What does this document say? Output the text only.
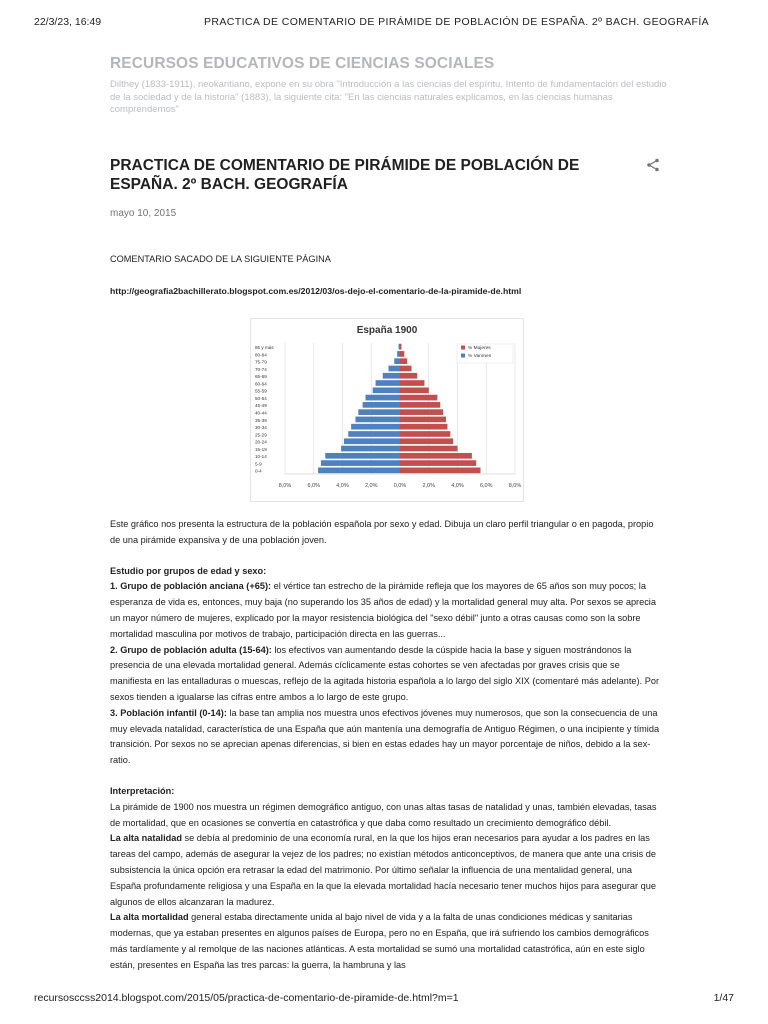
22/3/23, 16:49	PRACTICA DE COMENTARIO DE PIRÁMIDE DE POBLACIÓN DE ESPAÑA. 2º BACH. GEOGRAFÍA
RECURSOS EDUCATIVOS DE CIENCIAS SOCIALES
Dilthey (1833-1911), neokantiano, expone en su obra "Introducción a las ciencias del espíritu. Intento de fundamentación del estudio de la sociedad y de la historia" (1883), la siguiente cita: "En las ciencias naturales explicamos, en las ciencias humanas comprendemos"
PRACTICA DE COMENTARIO DE PIRÁMIDE DE POBLACIÓN DE ESPAÑA. 2º BACH. GEOGRAFÍA
mayo 10, 2015

COMENTARIO SACADO DE LA SIGUIENTE PÁGINA

http://geografia2bachillerato.blogspot.com.es/2012/03/os-dejo-el-comentario-de-la-piramide-de.html

España 1900
8,0%	6,0%	4,0%	2,0%	0,0%	2,0%	4,0%	6,0%	8,0%
0-4
5-9
10-14
15-19
20-24
25-29
30-34
35-39
40-44
45-49
50-54
55-59
60-64
65-69
70-74
75-79
80-84
85 y más	% Mujeres
% Varones

Este gráfico nos presenta la estructura de la población española por sexo y edad. Dibuja un claro perfil triangular o en pagoda, propio de una pirámide expansiva y de una población joven.

Estudio por grupos de edad y sexo:

1. Grupo de población anciana (+65): el vértice tan estrecho de la pirámide refleja que los mayores de 65 años son muy pocos; la esperanza de vida es, entonces, muy baja (no superando los 35 años de edad) y la mortalidad general muy alta. Por sexos se aprecia un mayor número de mujeres, explicado por la mayor resistencia biológica del "sexo débil" junto a otras causas como son la sobre mortalidad masculina por motivos de trabajo, participación directa en las guerras...

2. Grupo de población adulta (15-64): los efectivos van aumentando desde la cúspide hacia la base y siguen mostrándonos la presencia de una elevada mortalidad general. Además cíclicamente estas cohortes se ven afectadas por graves crisis que se manifiesta en las entalladuras o muescas, reflejo de la agitada historia española a lo largo del siglo XIX (comentaré más adelante). Por sexos tienden a igualarse las cifras entre ambos a lo largo de este grupo.

3. Población infantil (0-14): la base tan amplia nos muestra unos efectivos jóvenes muy numerosos, que son la consecuencia de una muy elevada natalidad, característica de una España que aún mantenía una demografía de Antiguo Régimen, o una incipiente y tímida transición. Por sexos no se aprecian apenas diferencias, si bien en estas edades hay un mayor porcentaje de niños, debido a la sex-ratio.

Interpretación:

La pirámide de 1900 nos muestra un régimen demográfico antiguo, con unas altas tasas de natalidad y unas, también elevadas, tasas de mortalidad, que en ocasiones se convertía en catastrófica y que daba como resultado un crecimiento demográfico débil.

La alta natalidad se debía al predominio de una economía rural, en la que los hijos eran necesarios para ayudar a los padres en las tareas del campo, además de asegurar la vejez de los padres; no existían métodos anticonceptivos, de manera que ante una crisis de subsistencia la única opción era retrasar la edad del matrimonio. Por último señalar la influencia de una mentalidad general, una España profundamente religiosa y una España en la que la elevada mortalidad hacía necesario tener muchos hijos para asegurar que algunos de ellos alcanzaran la madurez.

La alta mortalidad general estaba directamente unida al bajo nivel de vida y a la falta de unas condiciones médicas y sanitarias modernas, que ya estaban presentes en algunos países de Europa, pero no en España, que irá sufriendo los cambios demográficos más tardíamente y al remolque de las naciones atlánticas. A esta mortalidad se sumó una mortalidad catastrófica, aún en este siglo están, presentes en España las tres parcas: la guerra, la hambruna y las

recursosccss2014.blogspot.com/2015/05/practica-de-comentario-de-piramide-de.html?m=1	1/47
